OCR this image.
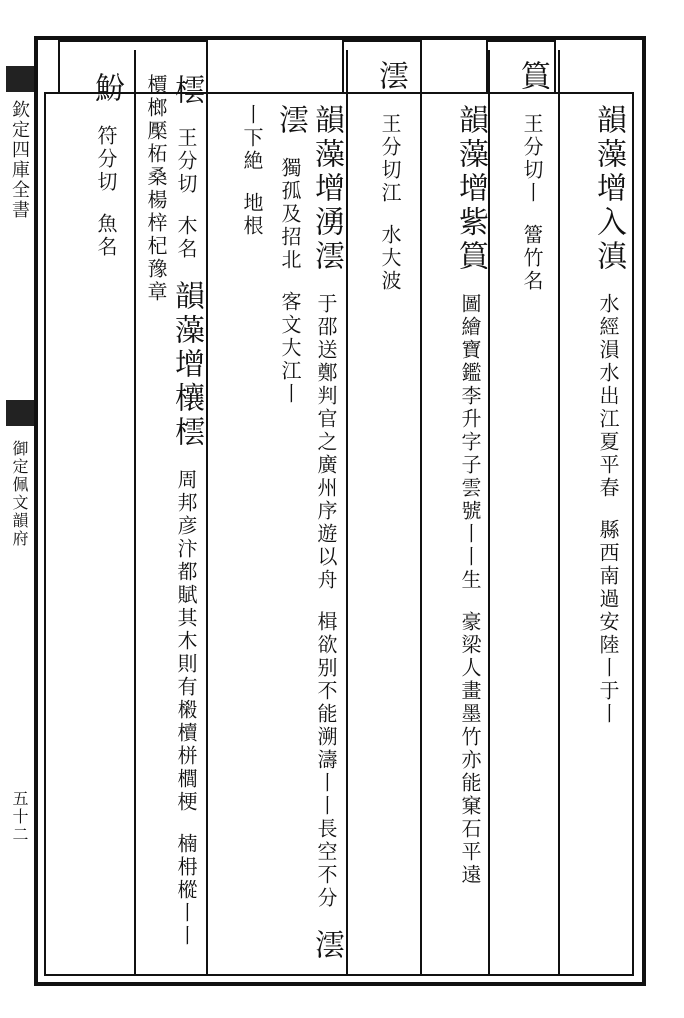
欽定四庫全書
御定佩文韻府
五十二
韻藻增入滇 水經溳水出江夏平春 縣西南過安陸丨于丨
篔 王分切丨 簹竹名
韻藻增紫篔 圖繪寶鑑李升字子雲號丨丨生 豪梁人畫墨竹亦能窠石平遠
澐 王分切江 水大波
韻藻增湧澐 于邵送鄭判官之廣州序遊以舟 楫欲别不能溯濤丨丨長空不分 澐澐 獨孤及招北 客文大江丨
丨下絶 地根
橒 王分切 木名 韻藻增欀橒 周邦彦汴都賦其木則有樧櫝栟櫚梗 楠枏樅丨丨檟榔檿柘桑楊梓杞豫章
魵 符分切 魚名
